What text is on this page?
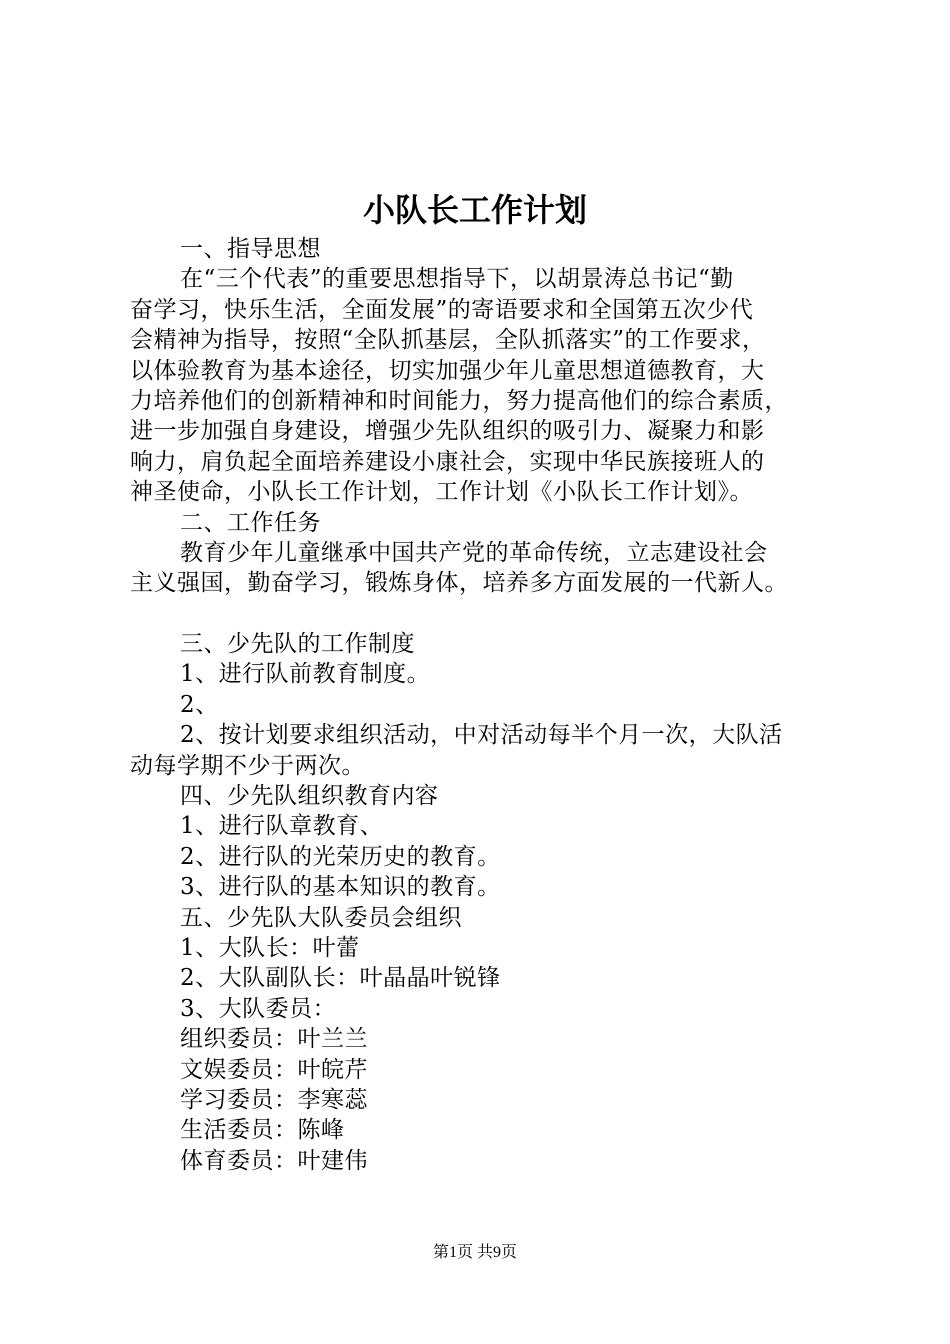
小队长工作计划
一、指导思想
在“三个代表”的重要思想指导下，以胡景涛总书记“勤
奋学习，快乐生活，全面发展”的寄语要求和全国第五次少代
会精神为指导，按照“全队抓基层，全队抓落实”的工作要求，
以体验教育为基本途径，切实加强少年儿童思想道德教育，大
力培养他们的创新精神和时间能力，努力提高他们的综合素质，
进一步加强自身建设，增强少先队组织的吸引力、凝聚力和影
响力，肩负起全面培养建设小康社会，实现中华民族接班人的
神圣使命，小队长工作计划，工作计划《小队长工作计划》。
二、工作任务
教育少年儿童继承中国共产党的革命传统，立志建设社会
主义强国，勤奋学习，锻炼身体，培养多方面发展的一代新人。
三、少先队的工作制度
1、进行队前教育制度。
2、
2、按计划要求组织活动，中对活动每半个月一次，大队活
动每学期不少于两次。
四、少先队组织教育内容
1、进行队章教育、
2、进行队的光荣历史的教育。
3、进行队的基本知识的教育。
五、少先队大队委员会组织
1、大队长：叶蕾
2、大队副队长：叶晶晶叶锐锋
3、大队委员：
组织委员：叶兰兰
文娱委员：叶皖芹
学习委员：李寒蕊
生活委员：陈峰
体育委员：叶建伟
第1页 共9页
